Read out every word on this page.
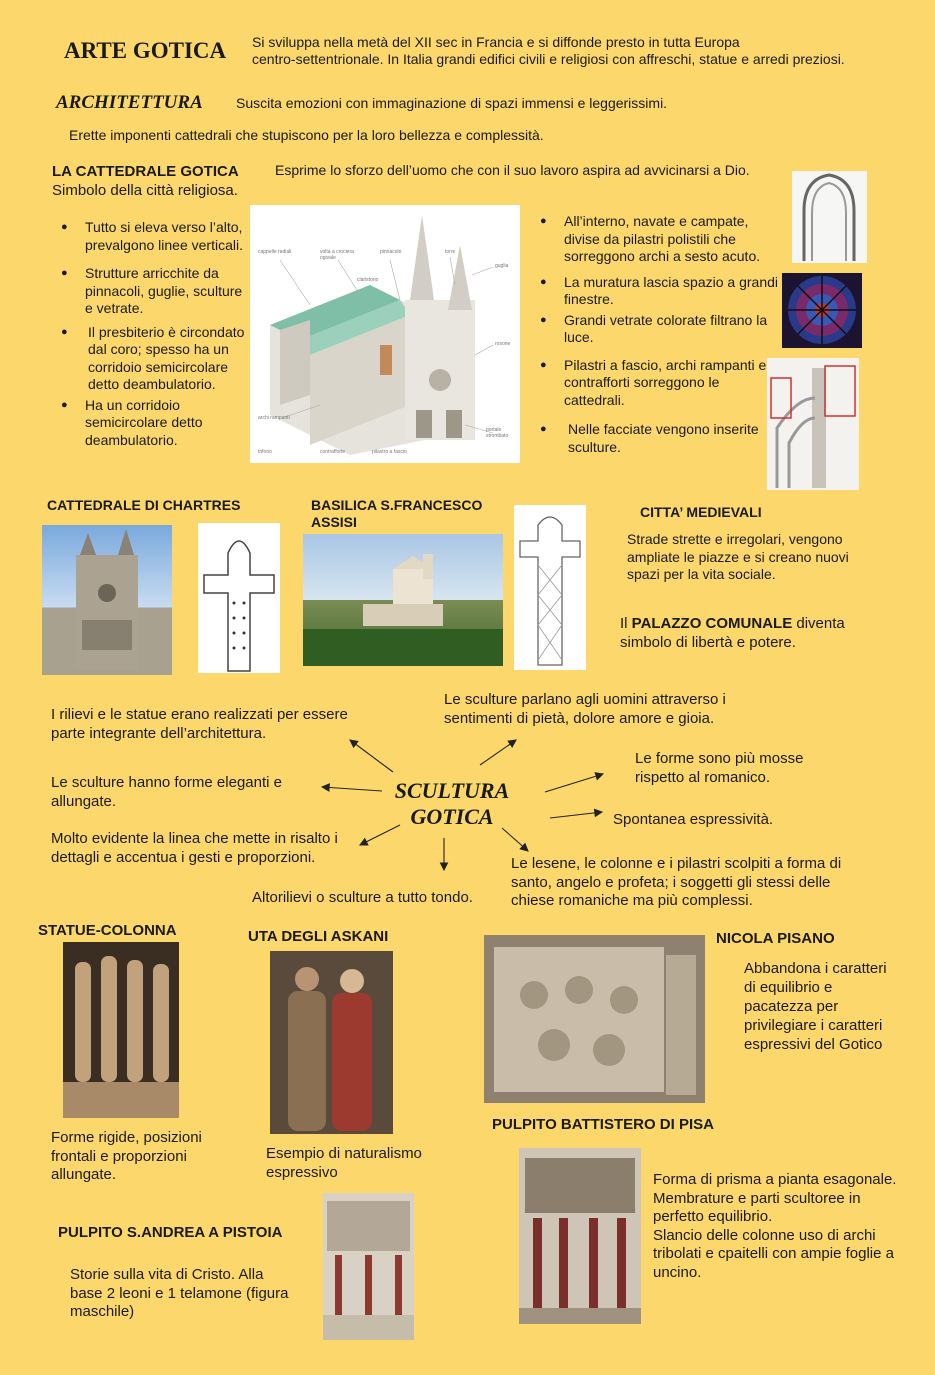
ARTE GOTICA Si sviluppa nella metà del XII sec in Francia e si diffonde presto in tutta Europa
centro-settentrionale. In Italia grandi edifici civili e religiosi con affreschi, statue e arredi preziosi.
ARCHITETTURA Suscita emozioni con immaginazione di spazi immensi e leggerissimi.
Erette imponenti cattedrali che stupiscono per la loro bellezza e complessità.
LA CATTEDRALE GOTICA
Simbolo della città religiosa.
Esprime lo sforzo dell’uomo che con il suo lavoro aspira ad avvicinarsi a Dio.
● Tutto si eleva verso l’alto, prevalgono linee verticali.
● Strutture arricchite da pinnacoli, guglie, sculture e vetrate.
● Il presbiterio è circondato dal coro; spesso ha un corridoio semicircolare detto deambulatorio.
● Ha un corridoio semicircolare detto deambulatorio.
cappelle radiali	volta a crociera ogivale
pinnacolo	torre
guglia
claristorio
rosone
archi rampanti
portale strombato
triforio	contrafforte	pilastro a fascio
● All’interno, navate e campate, divise da pilastri polistili che sorreggono archi a sesto acuto.
● La muratura lascia spazio a grandi finestre.
● Grandi vetrate colorate filtrano la luce.
● Pilastri a fascio, archi rampanti e contrafforti sorreggono le cattedrali.
● Nelle facciate vengono inserite sculture.
CATTEDRALE DI CHARTRES	BASILICA S.FRANCESCO
ASSISI
CITTA’ MEDIEVALI
Strade strette e irregolari, vengono ampliate le piazze e si creano nuovi spazi per la vita sociale.
Il PALAZZO COMUNALE diventa simbolo di libertà e potere.
SCULTURA
GOTICA
I rilievi e le statue erano realizzati per essere parte integrante dell’architettura.
Le sculture hanno forme eleganti e allungate.
Molto evidente la linea che mette in risalto i dettagli e accentua i gesti e proporzioni.
Altorilievi o sculture a tutto tondo.
Le lesene, le colonne e i pilastri scolpiti a forma di santo, angelo e profeta; i soggetti gli stessi delle chiese romaniche ma più complessi.
Spontanea espressività.
Le forme sono più mosse rispetto al romanico.
Le sculture parlano agli uomini attraverso i sentimenti di pietà, dolore amore e gioia.
STATUE-COLONNA
Forme rigide, posizioni frontali e proporzioni allungate.
UTA DEGLI ASKANI
Esempio di naturalismo espressivo
NICOLA PISANO
Abbandona i caratteri di equilibrio e pacatezza per privilegiare i caratteri espressivi del Gotico
PULPITO BATTISTERO DI PISA
Forma di prisma a pianta esagonale.
Membrature e parti scultoree in perfetto equilibrio.
Slancio delle colonne uso di archi tribolati e cpaitelli con ampie foglie a uncino.
PULPITO S.ANDREA A PISTOIA
Storie sulla vita di Cristo. Alla base 2 leoni e 1 telamone (figura maschile)
